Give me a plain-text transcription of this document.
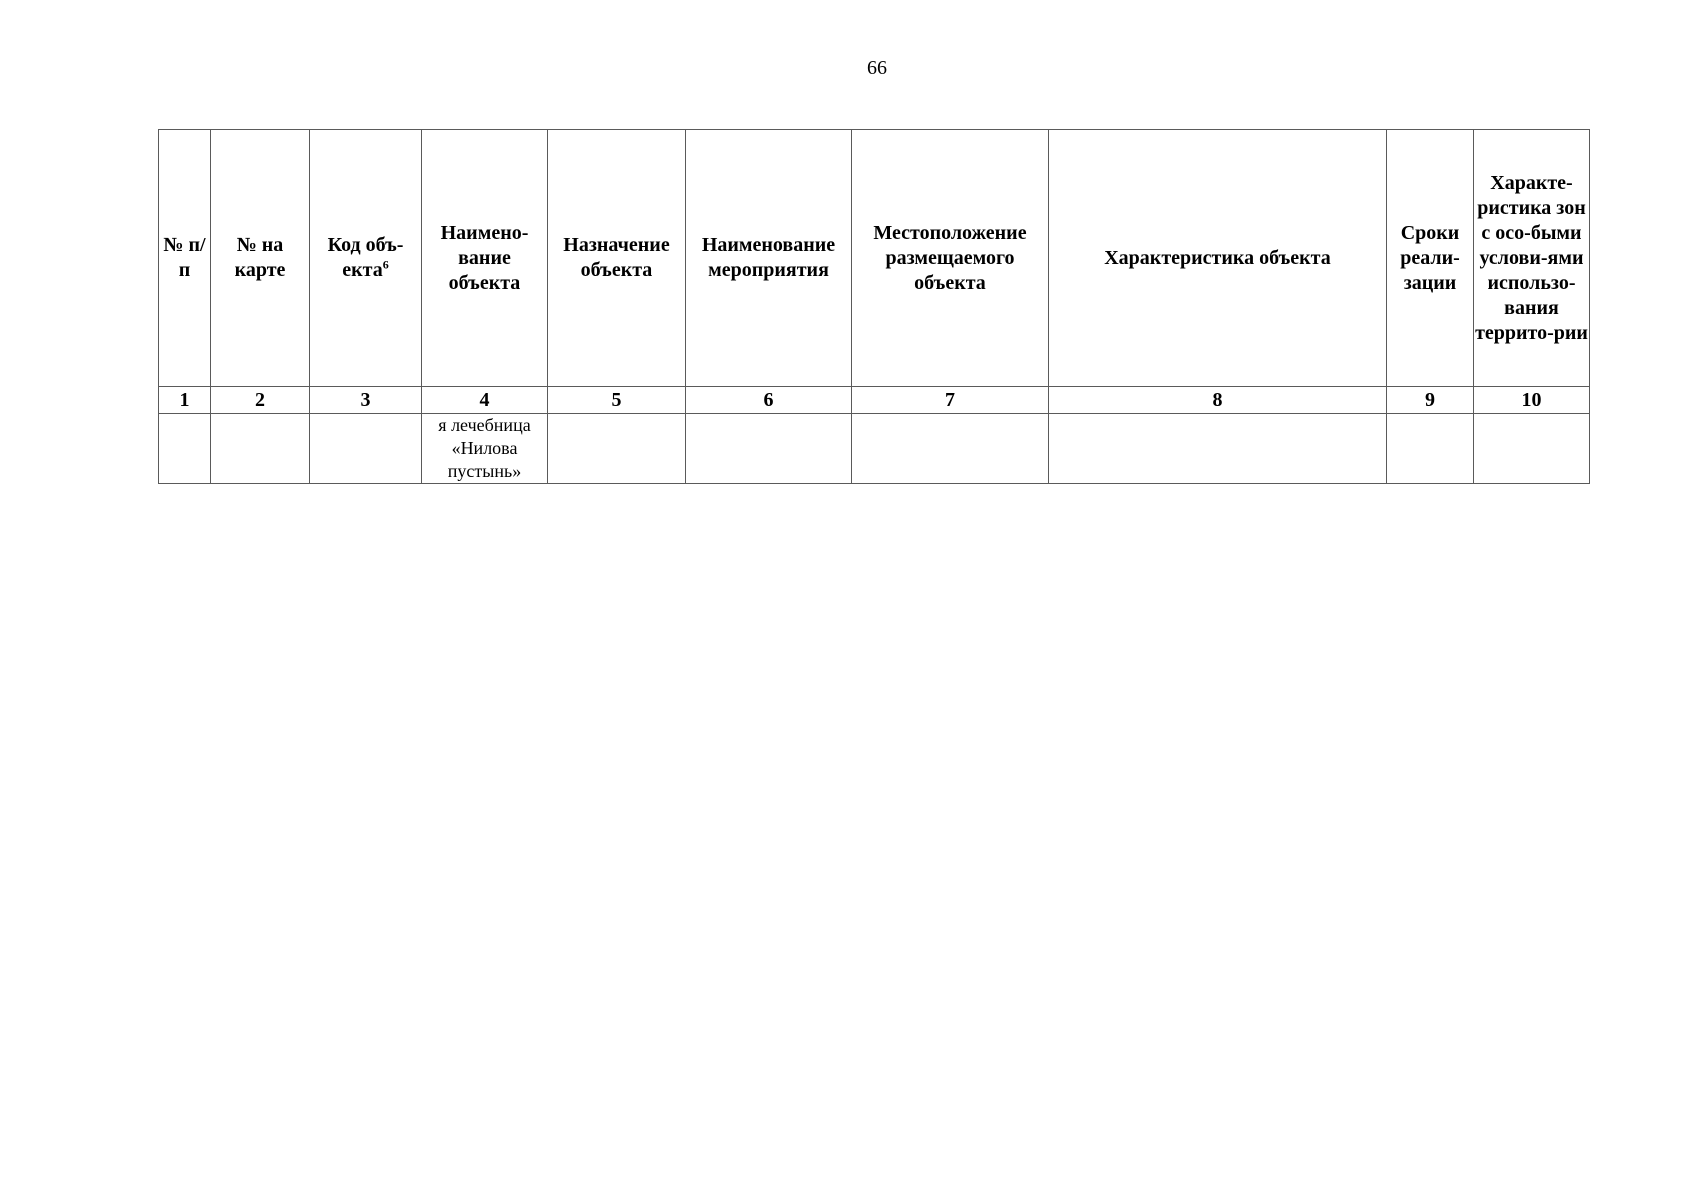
66
№ п/п	№ на карте	Код объ-екта$^6$	Наимено-вание объекта	Назначение объекта	Наименование мероприятия	Местоположение размещаемого объекта	Характеристика объекта	Сроки реали-зации	Характе-ристика зон с осо-быми услови-ями использо-вания террито-рии
1	2	3	4	5	6	7	8	9	10
			я лечебница «Нилова пустынь»						
